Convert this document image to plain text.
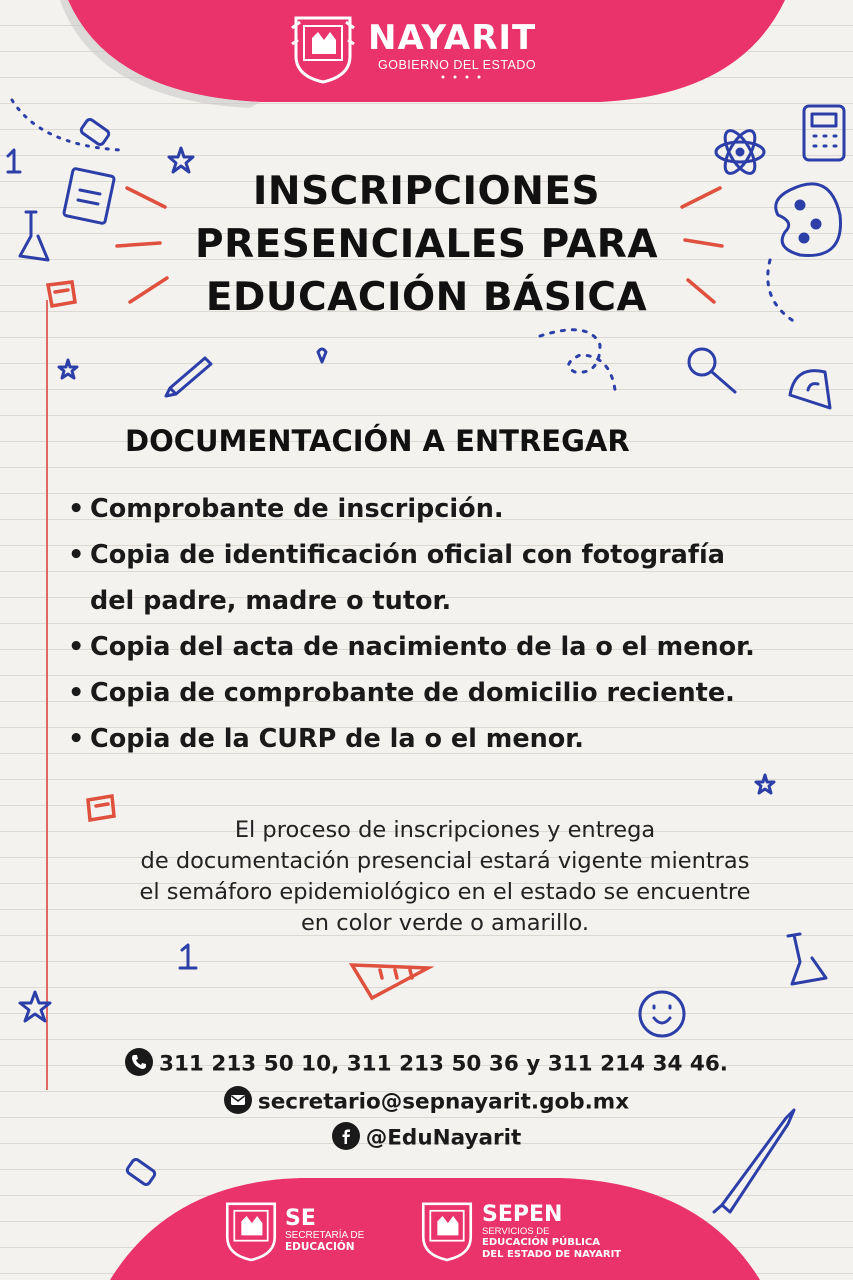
NAYARIT
GOBIERNO DEL ESTADO
INSCRIPCIONES
PRESENCIALES PARA
EDUCACIÓN BÁSICA
DOCUMENTACIÓN A ENTREGAR
• Comprobante de inscripción.
• Copia de identificación oficial con fotografía
del padre, madre o tutor.
• Copia del acta de nacimiento de la o el menor.
• Copia de comprobante de domicilio reciente.
• Copia de la CURP de la o el menor.
El proceso de inscripciones y entrega
de documentación presencial estará vigente mientras
el semáforo epidemiológico en el estado se encuentre
en color verde o amarillo.
311 213 50 10, 311 213 50 36 y 311 214 34 46.
secretario@sepnayarit.gob.mx
@EduNayarit
SE
SECRETARÍA DE
EDUCACIÓN
SEPEN
SERVICIOS DE
EDUCACIÓN PÚBLICA
DEL ESTADO DE NAYARIT
